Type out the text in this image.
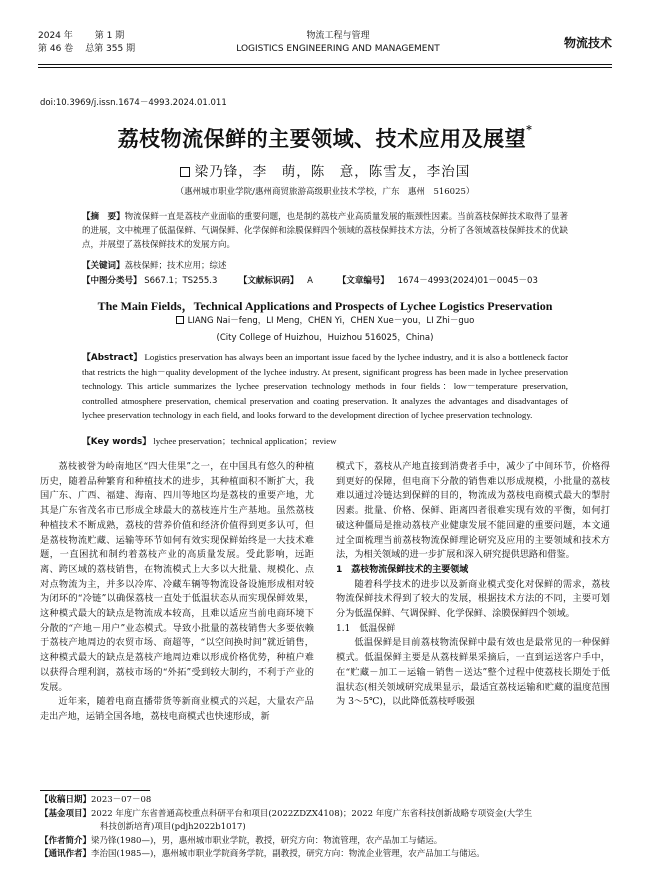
2024 年 第 1 期
第 46 卷 总第 355 期
物流工程与管理
LOGISTICS ENGINEERING AND MANAGEMENT	物流技术
doi:10.3969/j.issn.1674－4993.2024.01.011
荔枝物流保鲜的主要领域、技术应用及展望*
梁乃锋，李　萌，陈　意，陈雪友，李治国
（惠州城市职业学院/惠州商贸旅游高级职业技术学校，广东　惠州　516025）
【摘　要】物流保鲜一直是荔枝产业面临的重要问题，也是制约荔枝产业高质量发展的瓶颈性因素。当前荔枝保鲜技术取得了显著的进展，文中梳理了低温保鲜、气调保鲜、化学保鲜和涂膜保鲜四个领域的荔枝保鲜技术方法，分析了各领域荔枝保鲜技术的优缺点，并展望了荔枝保鲜技术的发展方向。
【关键词】荔枝保鲜；技术应用；综述
【中图分类号】 S667.1；TS255.3	【文献标识码】 A	【文章编号】 1674－4993(2024)01－0045－03
The Main Fields，Technical Applications and Prospects of Lychee Logistics Preservation
LIANG Nai－feng，LI Meng，CHEN Yi，CHEN Xue－you，LI Zhi－guo
(City College of Huizhou，Huizhou 516025，China)
【Abstract】 Logistics preservation has always been an important issue faced by the lychee industry, and it is also a bottleneck factor that restricts the high－quality development of the lychee industry. At present, significant progress has been made in lychee preservation technology. This article summarizes the lychee preservation technology methods in four fields：low－temperature preservation, controlled atmosphere preservation, chemical preservation and coating preservation. It analyzes the advantages and disadvantages of lychee preservation technology in each field, and looks forward to the development direction of lychee preservation technology.
【Key words】 lychee preservation；technical application；review

荔枝被誉为岭南地区“四大佳果”之一，在中国具有悠久的种植历史，随着品种繁育和种植技术的进步，其种植面积不断扩大，我国广东、广西、福建、海南、四川等地区均是荔枝的重要产地，尤其是广东省茂名市已形成全球最大的荔枝连片生产基地。虽然荔枝种植技术不断成熟，荔枝的营养价值和经济价值得到更多认可，但是荔枝物流贮藏、运输等环节如何有效实现保鲜始终是一大技术难题，一直困扰和制约着荔枝产业的高质量发展。受此影响，远距离、跨区域的荔枝销售，在物流模式上大多以大批量、规模化、点对点物流为主，并多以冷库、冷藏车辆等物流设备设施形成相对较为闭环的“冷链”以确保荔枝一直处于低温状态从而实现保鲜效果，这种模式最大的缺点是物流成本较高，且难以适应当前电商环境下分散的“产地－用户”业态模式。导致小批量的荔枝销售大多要依赖于荔枝产地周边的农贸市场、商超等，“以空间换时间”就近销售，这种模式最大的缺点是荔枝产地周边难以形成价格优势，种植户难以获得合理利润，荔枝市场的“外拓”受到较大制约，不利于产业的发展。

近年来，随着电商直播带货等新商业模式的兴起，大量农产品走出产地，运销全国各地，荔枝电商模式也快速形成，新

模式下，荔枝从产地直接到消费者手中，减少了中间环节，价格得到更好的保障，但电商下分散的销售难以形成规模，小批量的荔枝难以通过冷链达到保鲜的目的，物流成为荔枝电商模式最大的掣肘因素。批量、价格、保鲜、距离四者很难实现有效的平衡，如何打破这种僵局是推动荔枝产业健康发展不能回避的重要问题，本文通过全面梳理当前荔枝物流保鲜理论研究及应用的主要领域和技术方法，为相关领域的进一步扩展和深入研究提供思路和借鉴。

1　荔枝物流保鲜技术的主要领域

随着科学技术的进步以及新商业模式变化对保鲜的需求，荔枝物流保鲜技术得到了较大的发展，根据技术方法的不同，主要可划分为低温保鲜、气调保鲜、化学保鲜、涂膜保鲜四个领域。

1.1　低温保鲜

低温保鲜是目前荔枝物流保鲜中最有效也是最常见的一种保鲜模式。低温保鲜主要是从荔枝鲜果采摘后，一直到运送客户手中，在“贮藏－加工－运输－销售－送达”整个过程中使荔枝长期处于低温状态(相关领域研究成果显示，最适宜荔枝运输和贮藏的温度范围为 3～5℃)，以此降低荔枝呼吸强

【收稿日期】2023－07－08
【基金项目】2022 年度广东省普通高校重点科研平台和项目(2022ZDZX4108)；2022 年度广东省科技创新战略专项资金(大学生
科技创新培育)项目(pdjh2022b1017)
【作者简介】梁乃锋(1980—)，男，惠州城市职业学院，教授，研究方向：物流管理，农产品加工与储运。
【通讯作者】李治国(1985—)，惠州城市职业学院商务学院，副教授，研究方向：物流企业管理，农产品加工与储运。
